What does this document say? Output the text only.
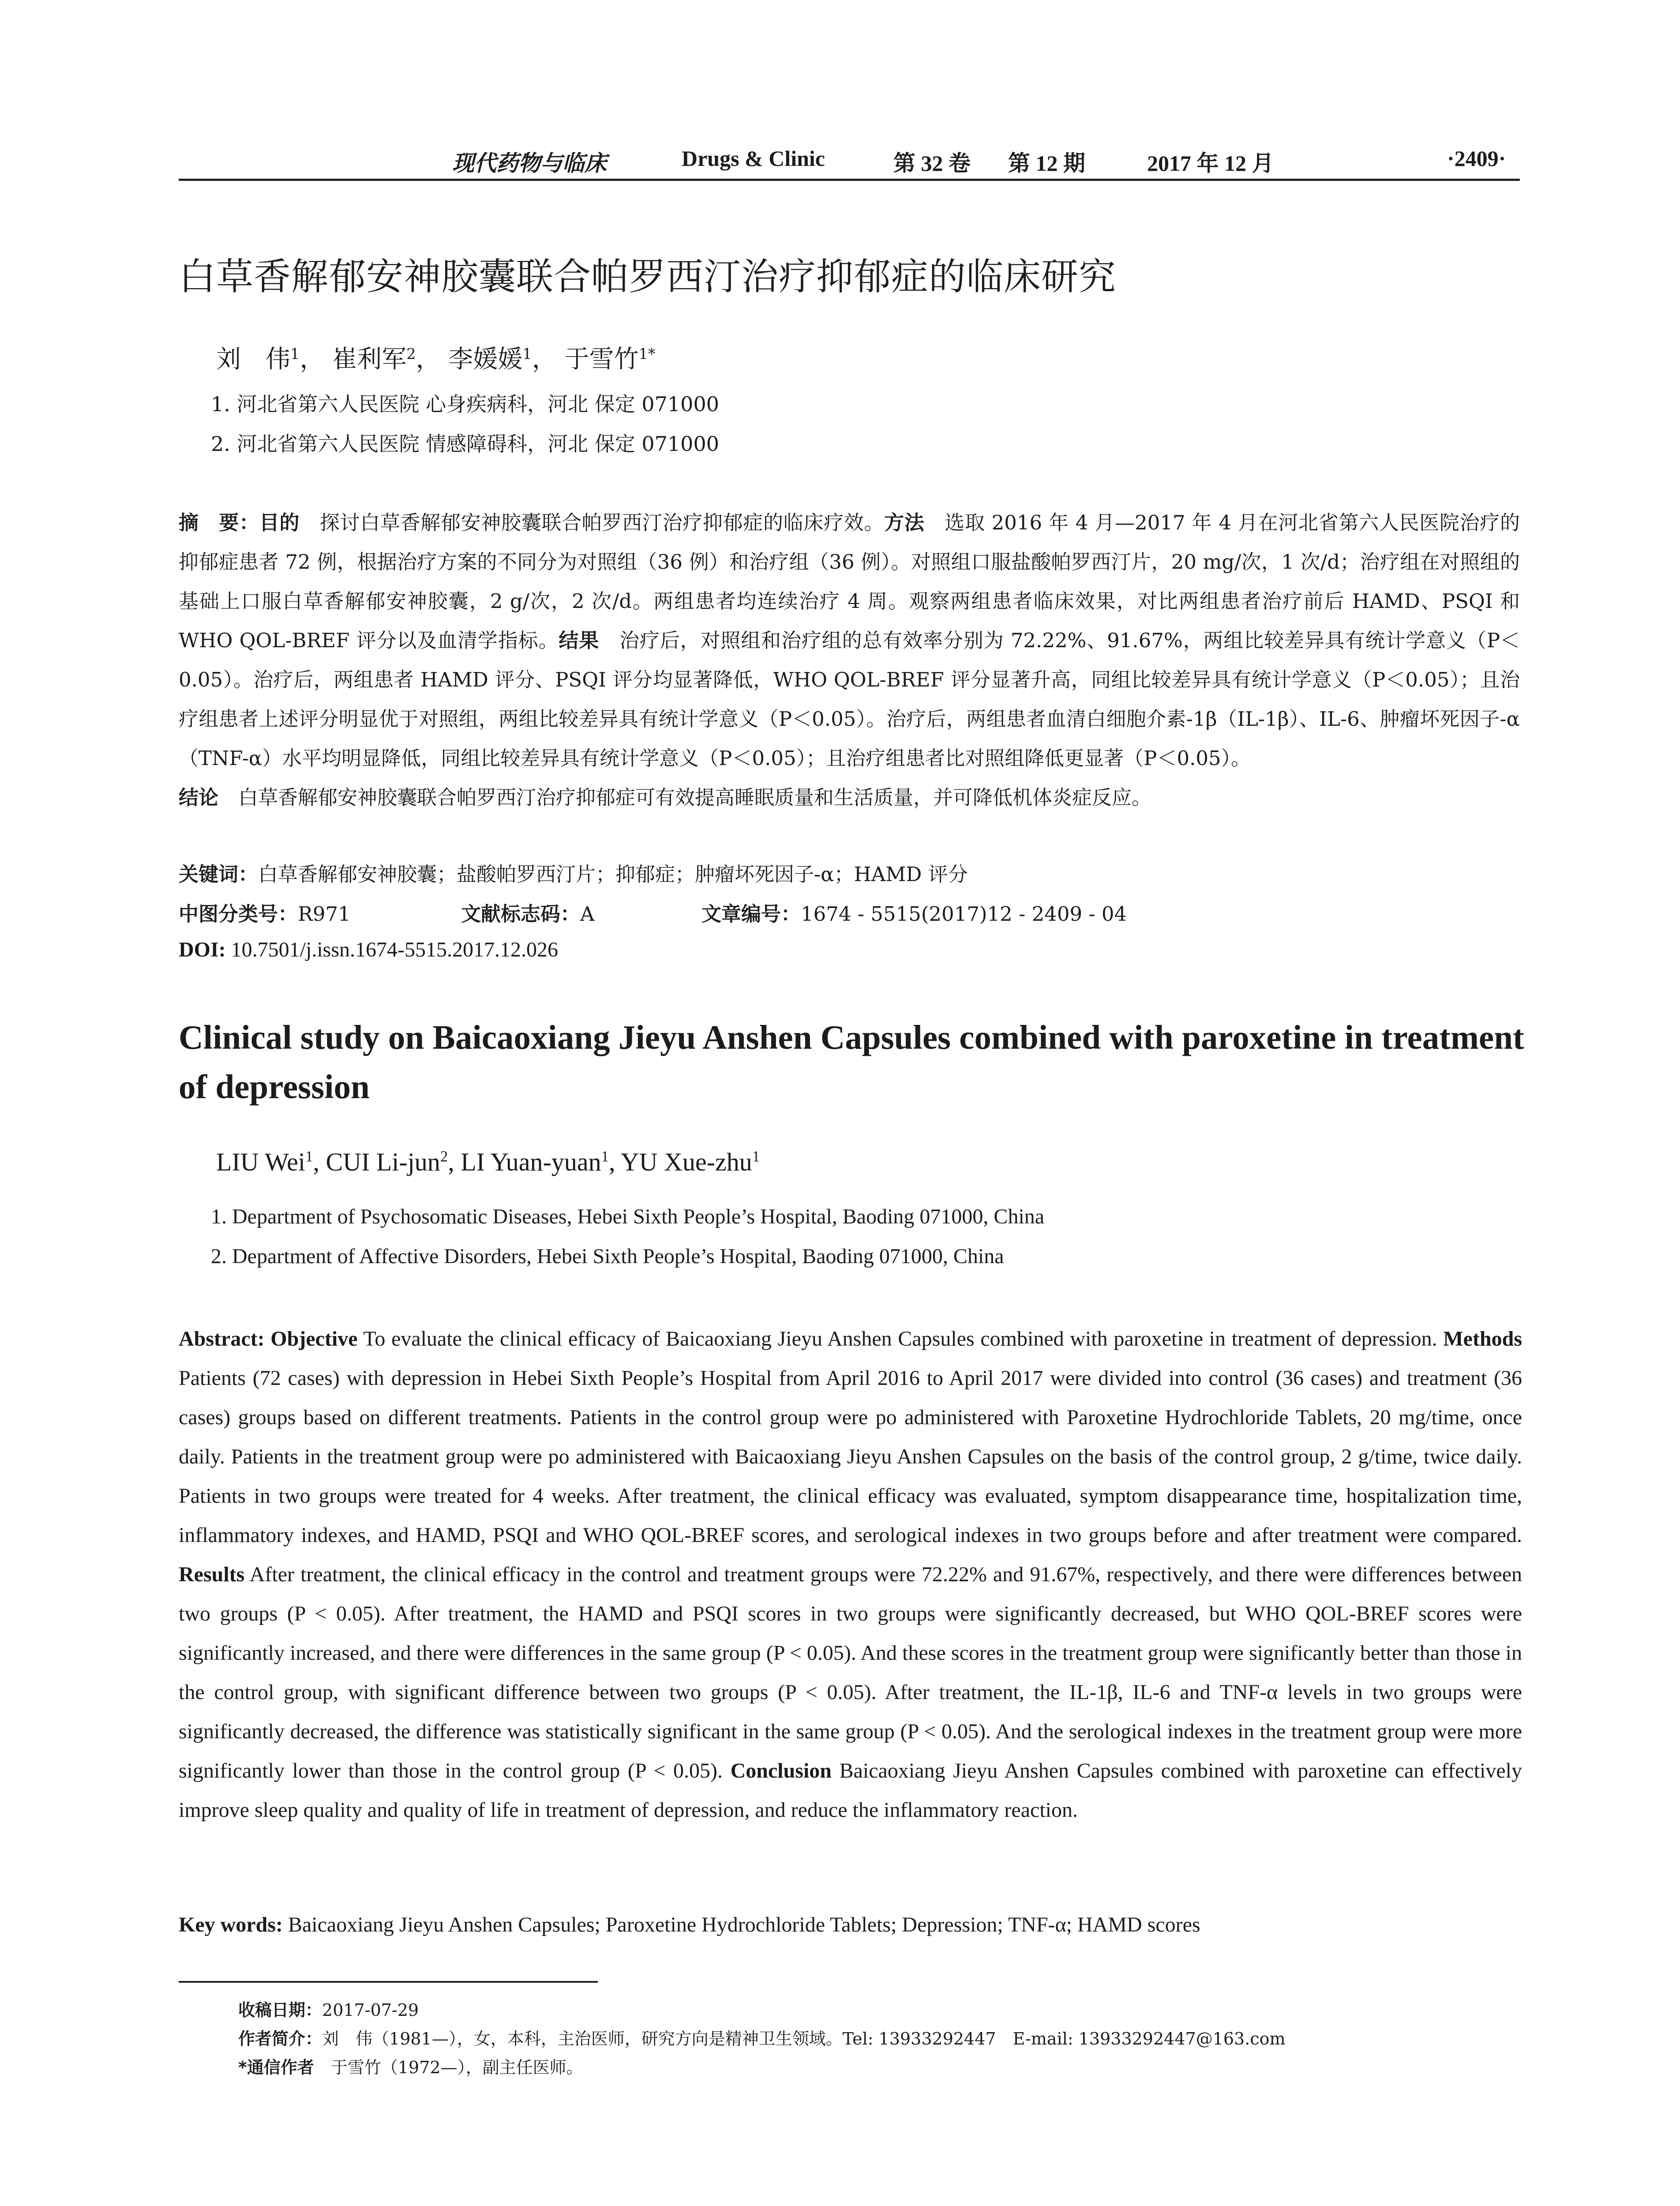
现代药物与临床	Drugs & Clinic	第 32 卷 第 12 期	2017 年 12 月	·2409·
白草香解郁安神胶囊联合帕罗西汀治疗抑郁症的临床研究
刘　伟$^1$， 崔利军$^2$， 李媛媛$^1$， 于雪竹$^{1*}$
1. 河北省第六人民医院 心身疾病科，河北 保定 071000
2. 河北省第六人民医院 情感障碍科，河北 保定 071000
摘　要：目的　探讨白草香解郁安神胶囊联合帕罗西汀治疗抑郁症的临床疗效。方法　选取 2016 年 4 月—2017 年 4 月在河北省第六人民医院治疗的抑郁症患者 72 例，根据治疗方案的不同分为对照组（36 例）和治疗组（36 例）。对照组口服盐酸帕罗西汀片，20 mg/次，1 次/d；治疗组在对照组的基础上口服白草香解郁安神胶囊，2 g/次，2 次/d。两组患者均连续治疗 4 周。观察两组患者临床效果，对比两组患者治疗前后 HAMD、PSQI 和 WHO QOL-BREF 评分以及血清学指标。结果　治疗后，对照组和治疗组的总有效率分别为 72.22%、91.67%，两组比较差异具有统计学意义（P＜0.05）。治疗后，两组患者 HAMD 评分、PSQI 评分均显著降低，WHO QOL-BREF 评分显著升高，同组比较差异具有统计学意义（P＜0.05）；且治疗组患者上述评分明显优于对照组，两组比较差异具有统计学意义（P＜0.05）。治疗后，两组患者血清白细胞介素-1β（IL-1β）、IL-6、肿瘤坏死因子-α（TNF-α）水平均明显降低，同组比较差异具有统计学意义（P＜0.05）；且治疗组患者比对照组降低更显著（P＜0.05）。
结论　白草香解郁安神胶囊联合帕罗西汀治疗抑郁症可有效提高睡眠质量和生活质量，并可降低机体炎症反应。
关键词：白草香解郁安神胶囊；盐酸帕罗西汀片；抑郁症；肿瘤坏死因子-α；HAMD 评分
中图分类号：R971	文献标志码：A	文章编号：1674 - 5515(2017)12 - 2409 - 04
DOI: 10.7501/j.issn.1674-5515.2017.12.026
Clinical study on Baicaoxiang Jieyu Anshen Capsules combined with paroxetine in treatment of depression
LIU Wei$^1$, CUI Li-jun$^2$, LI Yuan-yuan$^1$, YU Xue-zhu$^1$
1. Department of Psychosomatic Diseases, Hebei Sixth People’s Hospital, Baoding 071000, China
2. Department of Affective Disorders, Hebei Sixth People’s Hospital, Baoding 071000, China
Abstract: Objective To evaluate the clinical efficacy of Baicaoxiang Jieyu Anshen Capsules combined with paroxetine in treatment of depression. Methods Patients (72 cases) with depression in Hebei Sixth People’s Hospital from April 2016 to April 2017 were divided into control (36 cases) and treatment (36 cases) groups based on different treatments. Patients in the control group were po administered with Paroxetine Hydrochloride Tablets, 20 mg/time, once daily. Patients in the treatment group were po administered with Baicaoxiang Jieyu Anshen Capsules on the basis of the control group, 2 g/time, twice daily. Patients in two groups were treated for 4 weeks. After treatment, the clinical efficacy was evaluated, symptom disappearance time, hospitalization time, inflammatory indexes, and HAMD, PSQI and WHO QOL-BREF scores, and serological indexes in two groups before and after treatment were compared. Results After treatment, the clinical efficacy in the control and treatment groups were 72.22% and 91.67%, respectively, and there were differences between two groups (P < 0.05). After treatment, the HAMD and PSQI scores in two groups were significantly decreased, but WHO QOL-BREF scores were significantly increased, and there were differences in the same group (P < 0.05). And these scores in the treatment group were significantly better than those in the control group, with significant difference between two groups (P < 0.05). After treatment, the IL-1β, IL-6 and TNF-α levels in two groups were significantly decreased, the difference was statistically significant in the same group (P < 0.05). And the serological indexes in the treatment group were more significantly lower than those in the control group (P < 0.05). Conclusion Baicaoxiang Jieyu Anshen Capsules combined with paroxetine can effectively improve sleep quality and quality of life in treatment of depression, and reduce the inflammatory reaction.
Key words: Baicaoxiang Jieyu Anshen Capsules; Paroxetine Hydrochloride Tablets; Depression; TNF-α; HAMD scores
收稿日期：2017-07-29
作者简介：刘　伟（1981—），女，本科，主治医师，研究方向是精神卫生领域。Tel: 13933292447　E-mail: 13933292447@163.com
*通信作者　于雪竹（1972—），副主任医师。
